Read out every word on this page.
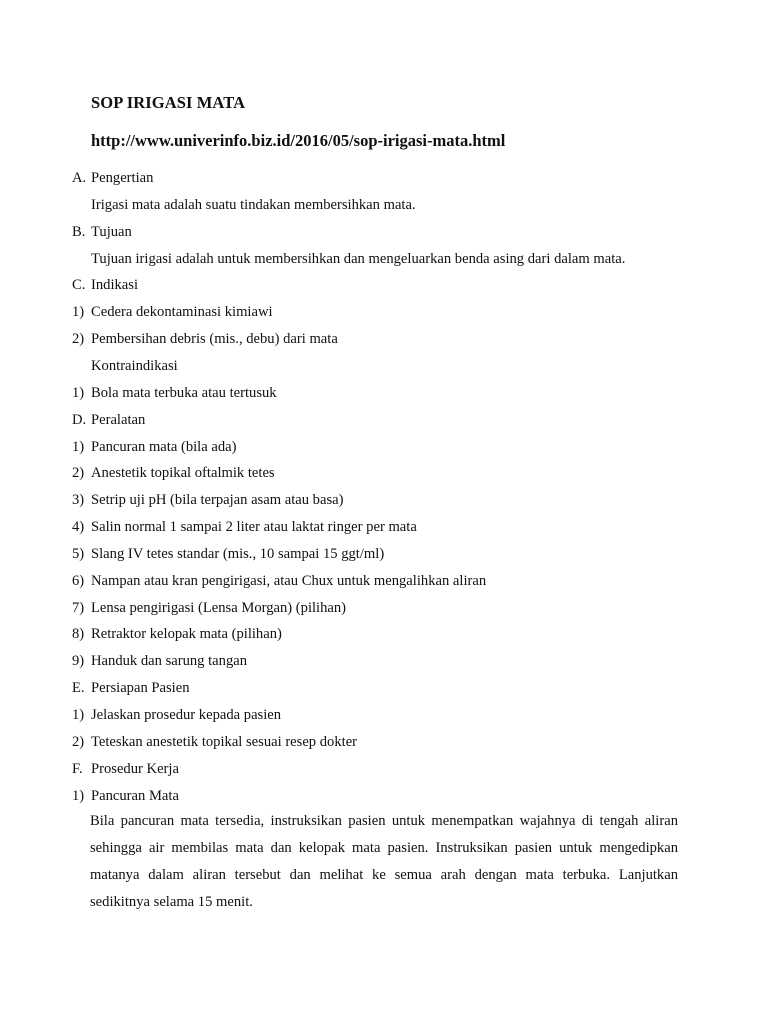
SOP IRIGASI MATA
http://www.univerinfo.biz.id/2016/05/sop-irigasi-mata.html
A. Pengertian
Irigasi mata adalah suatu tindakan membersihkan mata.
B. Tujuan
Tujuan irigasi adalah untuk membersihkan dan mengeluarkan benda asing dari dalam mata.
C. Indikasi
1) Cedera dekontaminasi kimiawi
2) Pembersihan debris (mis., debu) dari mata
Kontraindikasi
1) Bola mata terbuka atau tertusuk
D. Peralatan
1) Pancuran mata (bila ada)
2) Anestetik topikal oftalmik tetes
3) Setrip uji pH (bila terpajan asam atau basa)
4) Salin normal 1 sampai 2 liter atau laktat ringer per mata
5) Slang IV tetes standar (mis., 10 sampai 15 ggt/ml)
6) Nampan atau kran pengirigasi, atau Chux untuk mengalihkan aliran
7) Lensa pengirigasi (Lensa Morgan) (pilihan)
8) Retraktor kelopak mata (pilihan)
9) Handuk dan sarung tangan
E. Persiapan Pasien
1) Jelaskan prosedur kepada pasien
2) Teteskan anestetik topikal sesuai resep dokter
F. Prosedur Kerja
1) Pancuran Mata
Bila pancuran mata tersedia, instruksikan pasien untuk menempatkan wajahnya di tengah aliran
sehingga air membilas mata dan kelopak mata pasien. Instruksikan pasien untuk mengedipkan
matanya dalam aliran tersebut dan melihat ke semua arah dengan mata terbuka. Lanjutkan
sedikitnya selama 15 menit.
